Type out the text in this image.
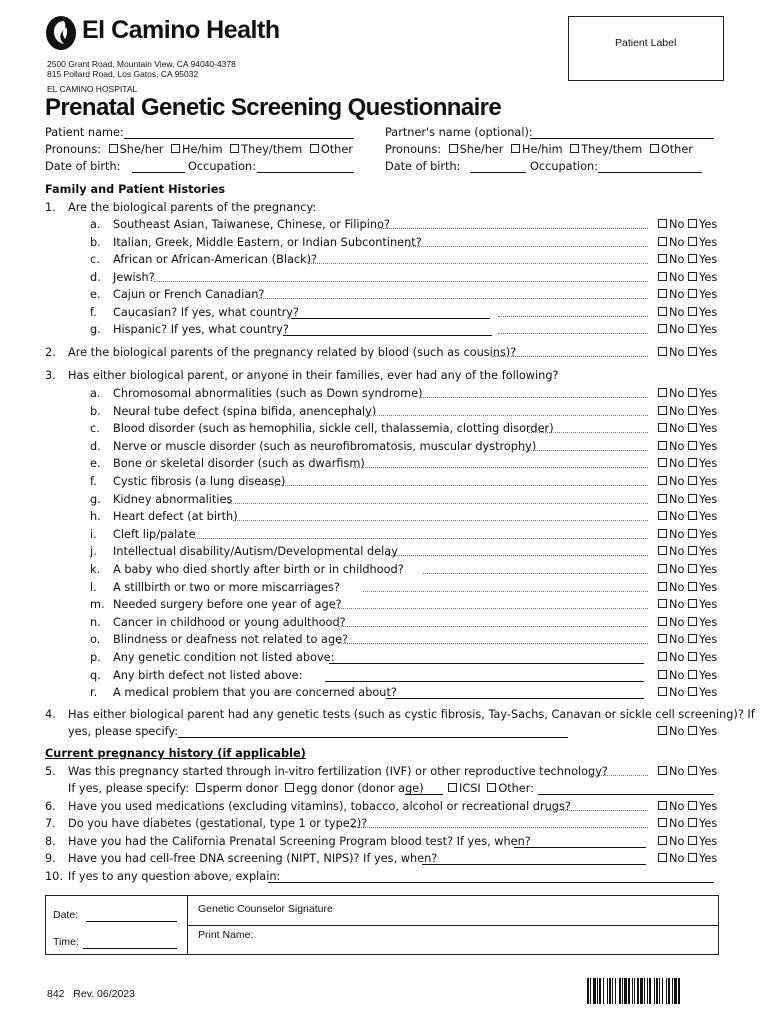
El Camino Health
2500 Grant Road, Mountain View, CA 94040-4378
815 Pollard Road, Los Gatos, CA 95032
EL CAMINO HOSPITAL
Patient Label
Prenatal Genetic Screening Questionnaire
Patient name:
Pronouns: She/her He/him They/them Other
Date of birth:	Occupation:
Partner's name (optional):
Pronouns: She/her He/him They/them Other
Date of birth:	Occupation:
Family and Patient Histories
1. Are the biological parents of the pregnancy:
a. Southeast Asian, Taiwanese, Chinese, or Filipino?	No Yes
b. Italian, Greek, Middle Eastern, or Indian Subcontinent?	No Yes
c. African or African-American (Black)?	No Yes
d. Jewish?	No Yes
e. Cajun or French Canadian?	No Yes
f. Caucasian? If yes, what country?	No Yes
g. Hispanic? If yes, what country?	No Yes
2. Are the biological parents of the pregnancy related by blood (such as cousins)?	No Yes
3. Has either biological parent, or anyone in their families, ever had any of the following?
a. Chromosomal abnormalities (such as Down syndrome)	No Yes
b. Neural tube defect (spina bifida, anencephaly)	No Yes
c. Blood disorder (such as hemophilia, sickle cell, thalassemia, clotting disorder)	No Yes
d. Nerve or muscle disorder (such as neurofibromatosis, muscular dystrophy)	No Yes
e. Bone or skeletal disorder (such as dwarfism)	No Yes
f. Cystic fibrosis (a lung disease)	No Yes
g. Kidney abnormalities	No Yes
h. Heart defect (at birth)	No Yes
i. Cleft lip/palate	No Yes
j. Intellectual disability/Autism/Developmental delay	No Yes
k. A baby who died shortly after birth or in childhood?	No Yes
l. A stillbirth or two or more miscarriages?	No Yes
m. Needed surgery before one year of age?	No Yes
n. Cancer in childhood or young adulthood?	No Yes
o. Blindness or deafness not related to age?	No Yes
p. Any genetic condition not listed above:	No Yes
q. Any birth defect not listed above:	No Yes
r. A medical problem that you are concerned about?	No Yes
4. Has either biological parent had any genetic tests (such as cystic fibrosis, Tay-Sachs, Canavan or sickle cell screening)? If
yes, please specify:	No Yes
Current pregnancy history (if applicable)
5. Was this pregnancy started through in-vitro fertilization (IVF) or other reproductive technology?	No Yes
If yes, please specify: sperm donor egg donor (donor age)	ICSI Other:
6. Have you used medications (excluding vitamins), tobacco, alcohol or recreational drugs?	No Yes
7. Do you have diabetes (gestational, type 1 or type2)?	No Yes
8. Have you had the California Prenatal Screening Program blood test? If yes, when?	No Yes
9. Have you had cell-free DNA screening (NIPT, NIPS)? If yes, when?	No Yes
10. If yes to any question above, explain:
Date:
Time:
Genetic Counselor Signature
Print Name:
842 Rev. 06/2023
